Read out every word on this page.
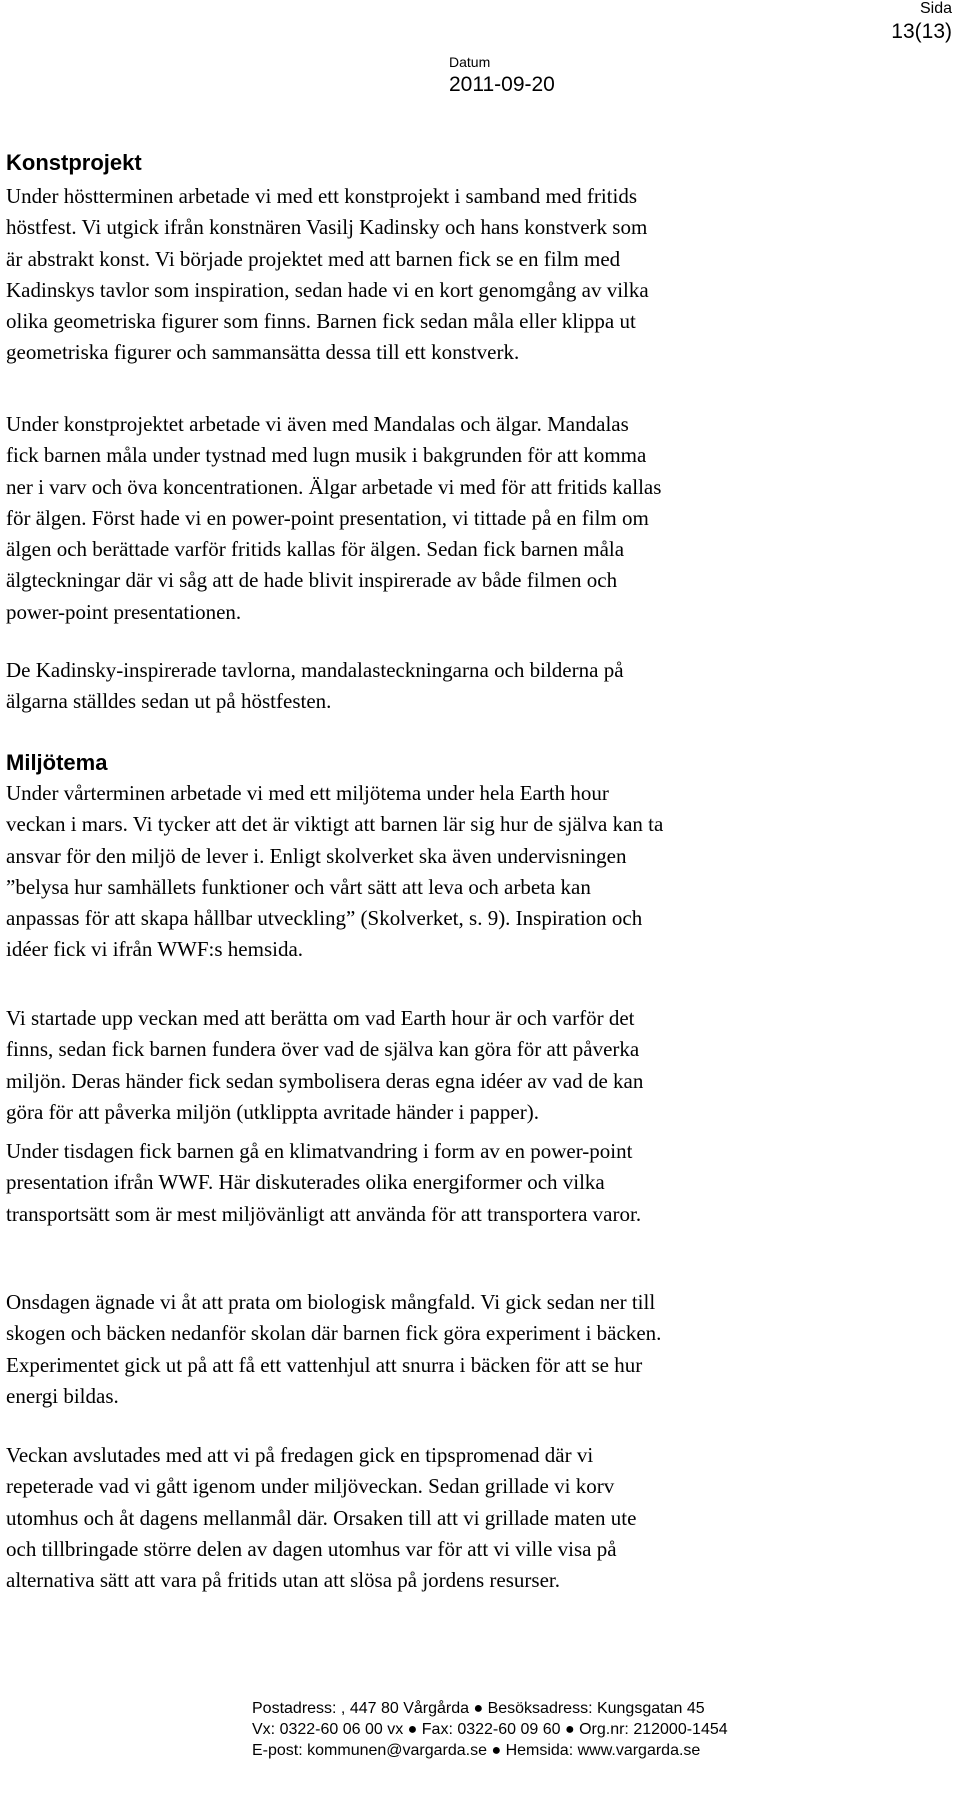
Sida
13(13)
Datum
2011-09-20
Konstprojekt

Under höstterminen arbetade vi med ett konstprojekt i samband med fritids
höstfest. Vi utgick ifrån konstnären Vasilj Kadinsky och hans konstverk som
är abstrakt konst. Vi började projektet med att barnen fick se en film med
Kadinskys tavlor som inspiration, sedan hade vi en kort genomgång av vilka
olika geometriska figurer som finns. Barnen fick sedan måla eller klippa ut
geometriska figurer och sammansätta dessa till ett konstverk.

Under konstprojektet arbetade vi även med Mandalas och älgar. Mandalas
fick barnen måla under tystnad med lugn musik i bakgrunden för att komma
ner i varv och öva koncentrationen. Älgar arbetade vi med för att fritids kallas
för älgen. Först hade vi en power-point presentation, vi tittade på en film om
älgen och berättade varför fritids kallas för älgen. Sedan fick barnen måla
älgteckningar där vi såg att de hade blivit inspirerade av både filmen och
power-point presentationen.

De Kadinsky-inspirerade tavlorna, mandalasteckningarna och bilderna på
älgarna ställdes sedan ut på höstfesten.

Miljötema

Under vårterminen arbetade vi med ett miljötema under hela Earth hour
veckan i mars. Vi tycker att det är viktigt att barnen lär sig hur de själva kan ta
ansvar för den miljö de lever i. Enligt skolverket ska även undervisningen
”belysa hur samhällets funktioner och vårt sätt att leva och arbeta kan
anpassas för att skapa hållbar utveckling” (Skolverket, s. 9). Inspiration och
idéer fick vi ifrån WWF:s hemsida.

Vi startade upp veckan med att berätta om vad Earth hour är och varför det
finns, sedan fick barnen fundera över vad de själva kan göra för att påverka
miljön. Deras händer fick sedan symbolisera deras egna idéer av vad de kan
göra för att påverka miljön (utklippta avritade händer i papper).

Under tisdagen fick barnen gå en klimatvandring i form av en power-point
presentation ifrån WWF. Här diskuterades olika energiformer och vilka
transportsätt som är mest miljövänligt att använda för att transportera varor.

Onsdagen ägnade vi åt att prata om biologisk mångfald. Vi gick sedan ner till
skogen och bäcken nedanför skolan där barnen fick göra experiment i bäcken.
Experimentet gick ut på att få ett vattenhjul att snurra i bäcken för att se hur
energi bildas.

Veckan avslutades med att vi på fredagen gick en tipspromenad där vi
repeterade vad vi gått igenom under miljöveckan. Sedan grillade vi korv
utomhus och åt dagens mellanmål där. Orsaken till att vi grillade maten ute
och tillbringade större delen av dagen utomhus var för att vi ville visa på
alternativa sätt att vara på fritids utan att slösa på jordens resurser.

Postadress: , 447 80 Vårgårda ● Besöksadress: Kungsgatan 45
Vx: 0322-60 06 00 vx ● Fax: 0322-60 09 60 ● Org.nr: 212000-1454
E-post: kommunen@vargarda.se ● Hemsida: www.vargarda.se
